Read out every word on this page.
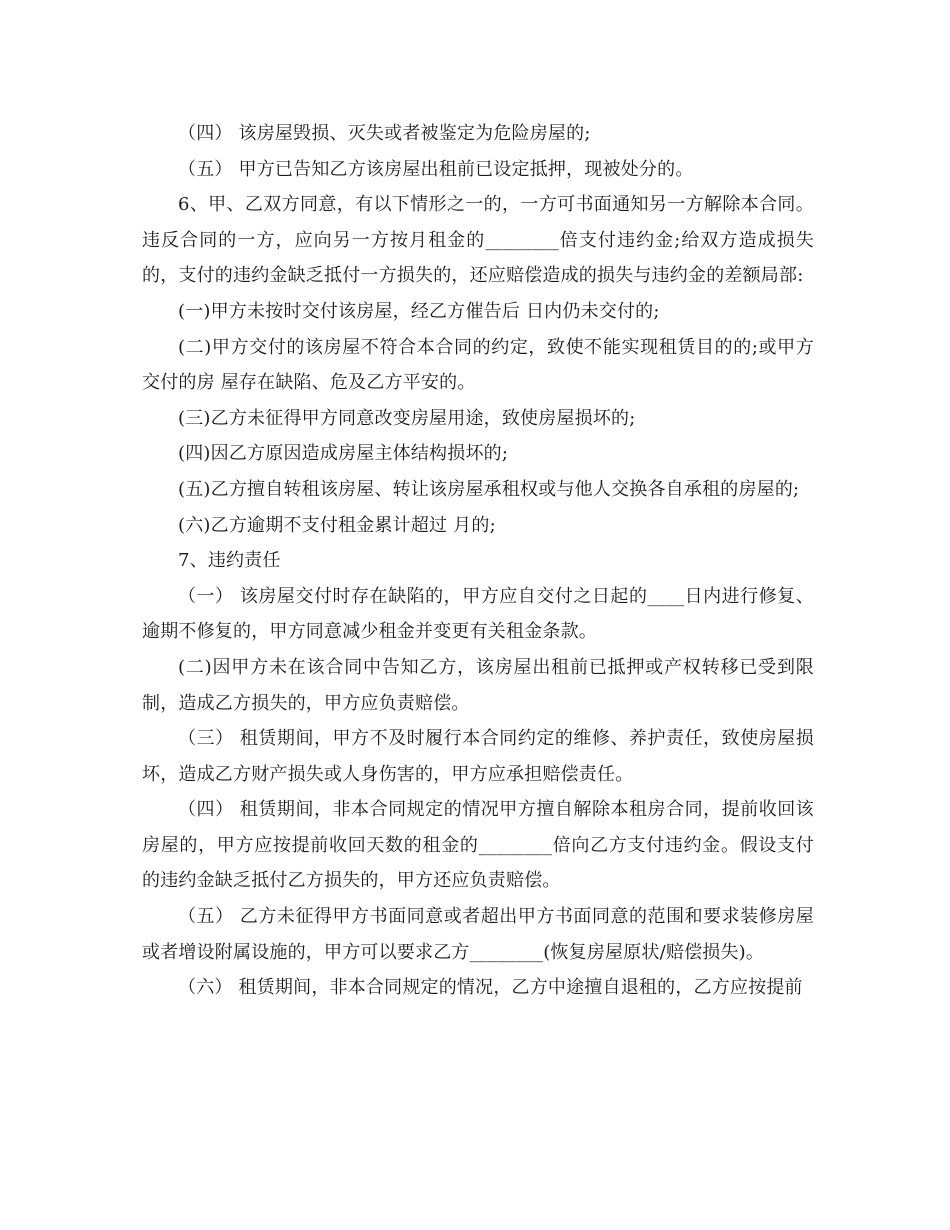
（四） 该房屋毁损、灭失或者被鉴定为危险房屋的;

（五） 甲方已告知乙方该房屋出租前已设定抵押，现被处分的。

6、甲、乙双方同意，有以下情形之一的，一方可书面通知另一方解除本合同。违反合同的一方，应向另一方按月租金的________倍支付违约金;给双方造成损失的，支付的违约金缺乏抵付一方损失的，还应赔偿造成的损失与违约金的差额局部:

(一)甲方未按时交付该房屋，经乙方催告后 日内仍未交付的;

(二)甲方交付的该房屋不符合本合同的约定，致使不能实现租赁目的的;或甲方交付的房 屋存在缺陷、危及乙方平安的。

(三)乙方未征得甲方同意改变房屋用途，致使房屋损坏的;

(四)因乙方原因造成房屋主体结构损坏的;

(五)乙方擅自转租该房屋、转让该房屋承租权或与他人交换各自承租的房屋的;

(六)乙方逾期不支付租金累计超过 月的;

7、违约责任

（一） 该房屋交付时存在缺陷的，甲方应自交付之日起的____日内进行修复、逾期不修复的，甲方同意减少租金并变更有关租金条款。

(二)因甲方未在该合同中告知乙方，该房屋出租前已抵押或产权转移已受到限制，造成乙方损失的，甲方应负责赔偿。

（三） 租赁期间，甲方不及时履行本合同约定的维修、养护责任，致使房屋损坏，造成乙方财产损失或人身伤害的，甲方应承担赔偿责任。

（四） 租赁期间，非本合同规定的情况甲方擅自解除本租房合同，提前收回该房屋的，甲方应按提前收回天数的租金的________倍向乙方支付违约金。假设支付的违约金缺乏抵付乙方损失的，甲方还应负责赔偿。

（五） 乙方未征得甲方书面同意或者超出甲方书面同意的范围和要求装修房屋或者增设附属设施的，甲方可以要求乙方________(恢复房屋原状/赔偿损失)。

（六） 租赁期间，非本合同规定的情况，乙方中途擅自退租的，乙方应按提前
